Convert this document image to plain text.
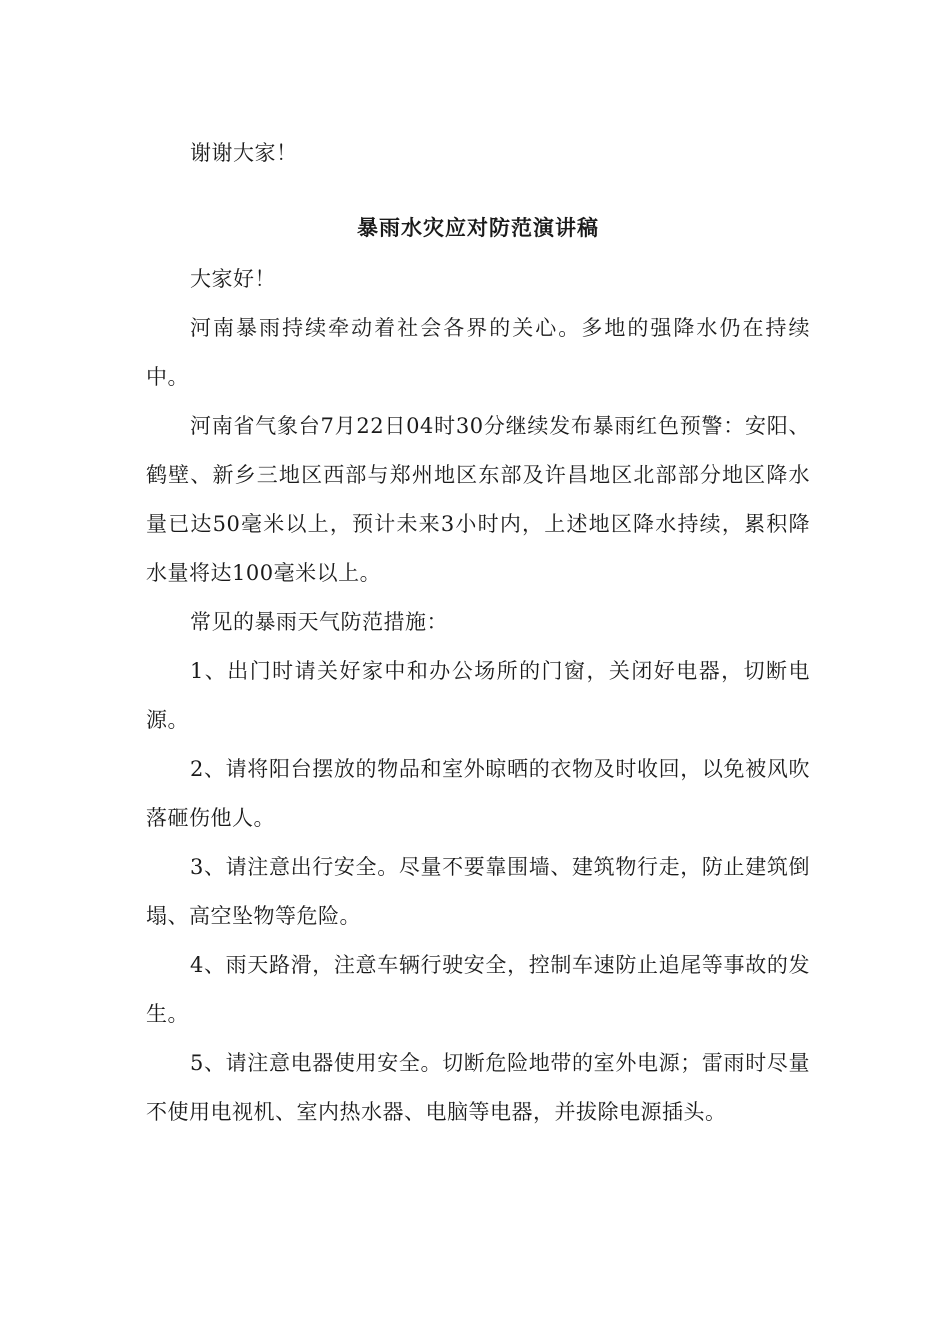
谢谢大家！

暴雨水灾应对防范演讲稿

大家好！

河南暴雨持续牵动着社会各界的关心。多地的强降水仍在持续中。

河南省气象台7月22日04时30分继续发布暴雨红色预警：安阳、鹤壁、新乡三地区西部与郑州地区东部及许昌地区北部部分地区降水量已达50毫米以上，预计未来3小时内，上述地区降水持续，累积降水量将达100毫米以上。

常见的暴雨天气防范措施：

1、出门时请关好家中和办公场所的门窗，关闭好电器，切断电源。

2、请将阳台摆放的物品和室外晾晒的衣物及时收回，以免被风吹落砸伤他人。

3、请注意出行安全。尽量不要靠围墙、建筑物行走，防止建筑倒塌、高空坠物等危险。

4、雨天路滑，注意车辆行驶安全，控制车速防止追尾等事故的发生。

5、请注意电器使用安全。切断危险地带的室外电源；雷雨时尽量不使用电视机、室内热水器、电脑等电器，并拔除电源插头。
